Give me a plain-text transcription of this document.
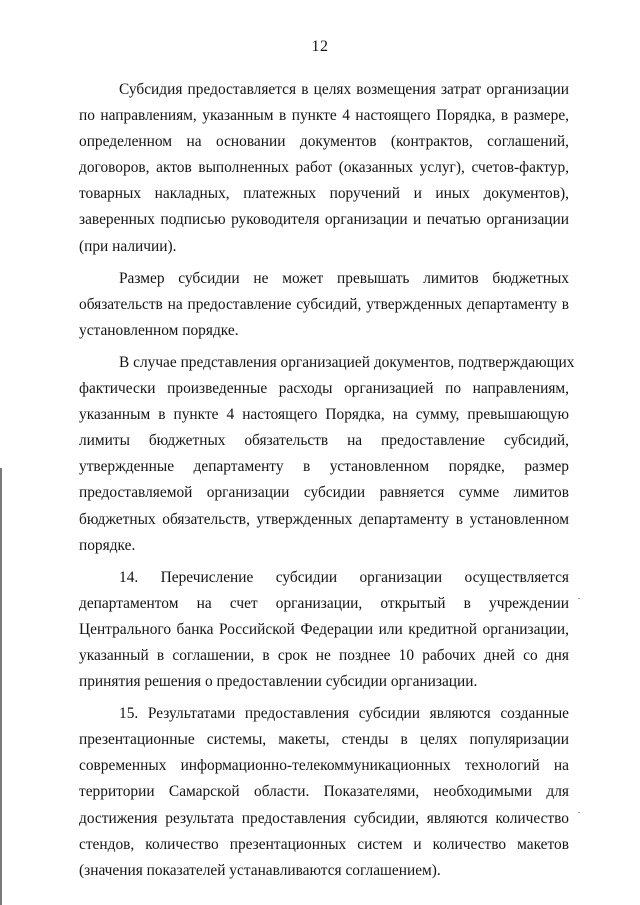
12
Субсидия предоставляется в целях возмещения затрат организации
по направлениям, указанным в пункте 4 настоящего Порядка, в размере,
определенном на основании документов (контрактов, соглашений,
договоров, актов выполненных работ (оказанных услуг), счетов-фактур,
товарных накладных, платежных поручений и иных документов),
заверенных подписью руководителя организации и печатью организации
(при наличии).
Размер субсидии не может превышать лимитов бюджетных
обязательств на предоставление субсидий, утвержденных департаменту в
установленном порядке.
В случае представления организацией документов, подтверждающих
фактически произведенные расходы организацией по направлениям,
указанным в пункте 4 настоящего Порядка, на сумму, превышающую
лимиты бюджетных обязательств на предоставление субсидий,
утвержденные департаменту в установленном порядке, размер
предоставляемой организации субсидии равняется сумме лимитов
бюджетных обязательств, утвержденных департаменту в установленном
порядке.
14. Перечисление субсидии организации осуществляется
департаментом на счет организации, открытый в учреждении
Центрального банка Российской Федерации или кредитной организации,
указанный в соглашении, в срок не позднее 10 рабочих дней со дня
принятия решения о предоставлении субсидии организации.
15. Результатами предоставления субсидии являются созданные
презентационные системы, макеты, стенды в целях популяризации
современных информационно-телекоммуникационных технологий на
территории Самарской области. Показателями, необходимыми для
достижения результата предоставления субсидии, являются количество
стендов, количество презентационных систем и количество макетов
(значения показателей устанавливаются соглашением).
